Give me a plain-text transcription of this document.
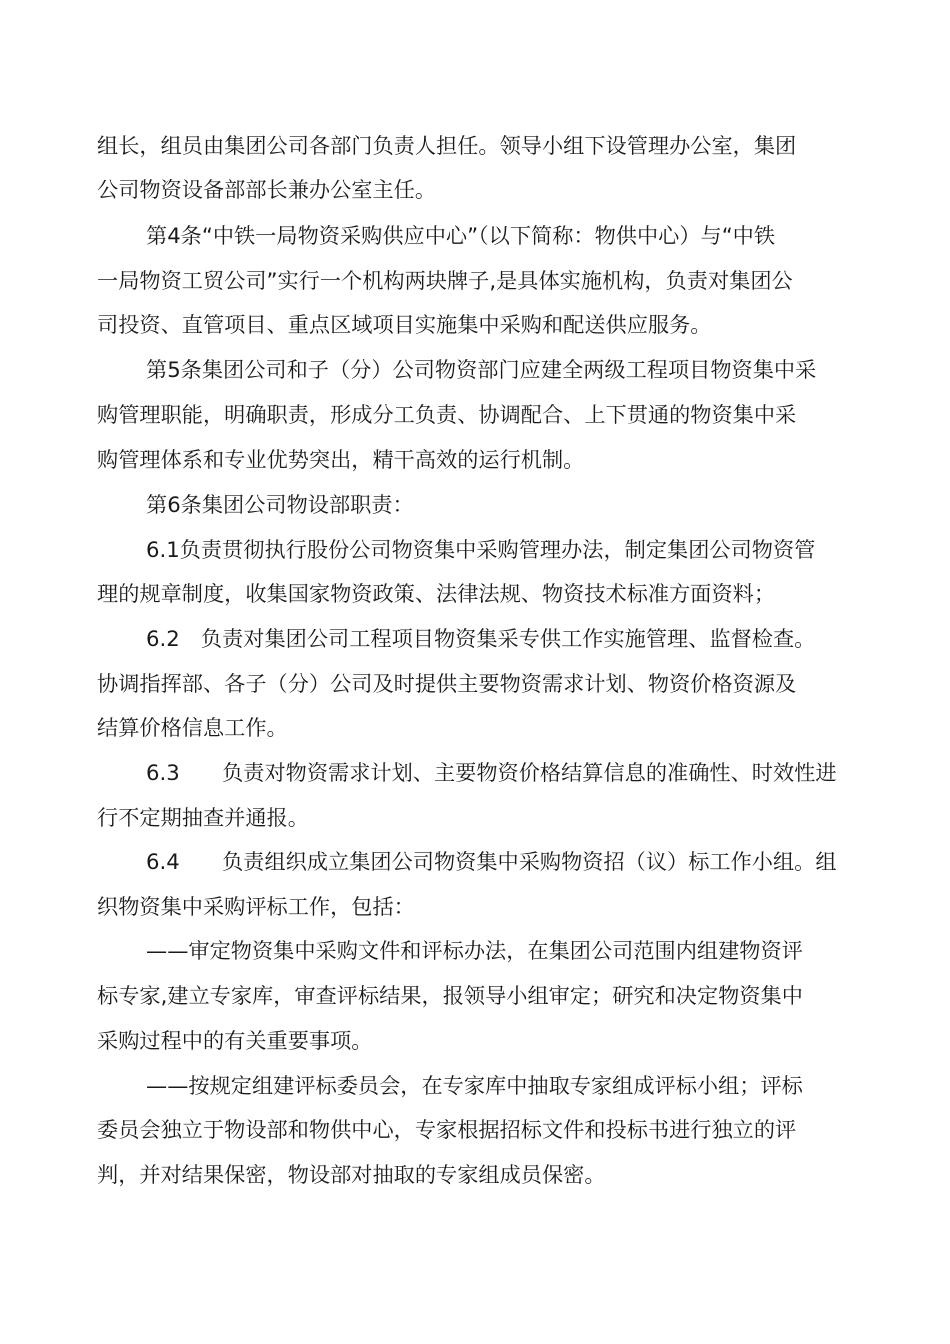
组长，组员由集团公司各部门负责人担任。领导小组下设管理办公室，集团
公司物资设备部部长兼办公室主任。
第4条“中铁一局物资采购供应中心”（以下简称：物供中心）与“中铁
一局物资工贸公司”实行一个机构两块牌子,是具体实施机构，负责对集团公
司投资、直管项目、重点区域项目实施集中采购和配送供应服务。
第5条集团公司和子（分）公司物资部门应建全两级工程项目物资集中采
购管理职能，明确职责，形成分工负责、协调配合、上下贯通的物资集中采
购管理体系和专业优势突出，精干高效的运行机制。
第6条集团公司物设部职责：
6.1负责贯彻执行股份公司物资集中采购管理办法，制定集团公司物资管
理的规章制度，收集国家物资政策、法律法规、物资技术标准方面资料；
6.2　负责对集团公司工程项目物资集采专供工作实施管理、监督检查。
协调指挥部、各子（分）公司及时提供主要物资需求计划、物资价格资源及
结算价格信息工作。
6.3　　负责对物资需求计划、主要物资价格结算信息的准确性、时效性进
行不定期抽查并通报。
6.4　　负责组织成立集团公司物资集中采购物资招（议）标工作小组。组
织物资集中采购评标工作，包括：
——审定物资集中采购文件和评标办法，在集团公司范围内组建物资评
标专家,建立专家库，审查评标结果，报领导小组审定；研究和决定物资集中
采购过程中的有关重要事项。
——按规定组建评标委员会，在专家库中抽取专家组成评标小组；评标
委员会独立于物设部和物供中心，专家根据招标文件和投标书进行独立的评
判，并对结果保密，物设部对抽取的专家组成员保密。
